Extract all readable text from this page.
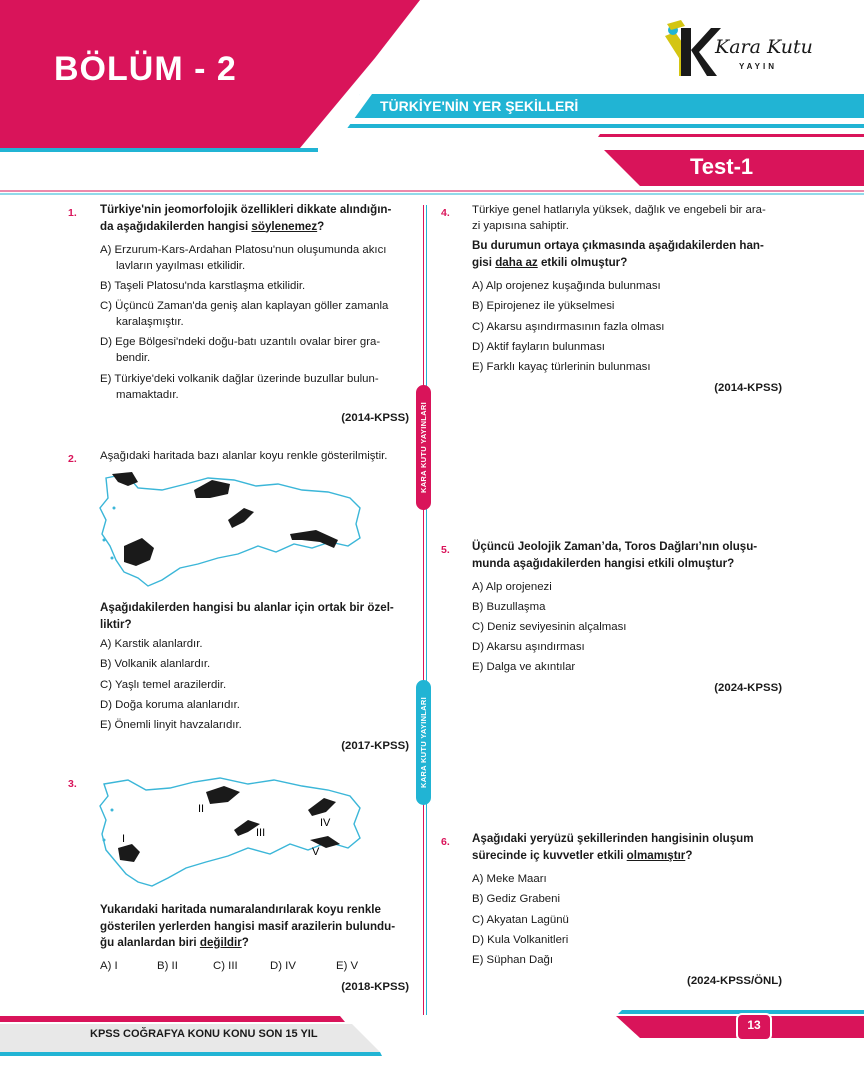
BÖLÜM - 2
TÜRKİYE'NİN YER ŞEKİLLERİ
Test-1
Kara Kutu
YAYIN
KARA KUTU YAYINLARI
KARA KUTU YAYINLARI
1. Türkiye'nin jeomorfolojik özellikleri dikkate alındığın-
da aşağıdakilerden hangisi söylenemez?
A) Erzurum-Kars-Ardahan Platosu'nun oluşumunda akıcı
lavların yayılması etkilidir.
B) Taşeli Platosu'nda karstlaşma etkilidir.
C) Üçüncü Zaman'da geniş alan kaplayan göller zamanla
karalaşmıştır.
D) Ege Bölgesi'ndeki doğu-batı uzantılı ovalar birer gra-
bendir.
E) Türkiye'deki volkanik dağlar üzerinde buzullar bulun-
mamaktadır.
(2014-KPSS)
2. Aşağıdaki haritada bazı alanlar koyu renkle gösterilmiştir.
Aşağıdakilerden hangisi bu alanlar için ortak bir özel-
liktir?
A) Karstik alanlardır.
B) Volkanik alanlardır.
C) Yaşlı temel arazilerdir.
D) Doğa koruma alanlarıdır.
E) Önemli linyit havzalarıdır.
(2017-KPSS)
3.
I
II
III
IV
V
Yukarıdaki haritada numaralandırılarak koyu renkle
gösterilen yerlerden hangisi masif arazilerin bulundu-
ğu alanlardan biri değildir?
A) I	B) II	C) III	D) IV	E) V
(2018-KPSS)
4. Türkiye genel hatlarıyla yüksek, dağlık ve engebeli bir ara-
zi yapısına sahiptir.
Bu durumun ortaya çıkmasında aşağıdakilerden han-
gisi daha az etkili olmuştur?
A) Alp orojenez kuşağında bulunması
B) Epirojenez ile yükselmesi
C) Akarsu aşındırmasının fazla olması
D) Aktif fayların bulunması
E) Farklı kayaç türlerinin bulunması
(2014-KPSS)
5. Üçüncü Jeolojik Zaman’da, Toros Dağları’nın oluşu-
munda aşağıdakilerden hangisi etkili olmuştur?
A) Alp orojenezi
B) Buzullaşma
C) Deniz seviyesinin alçalması
D) Akarsu aşındırması
E) Dalga ve akıntılar
(2024-KPSS)
6. Aşağıdaki yeryüzü şekillerinden hangisinin oluşum
sürecinde iç kuvvetler etkili olmamıştır?
A) Meke Maarı
B) Gediz Grabeni
C) Akyatan Lagünü
D) Kula Volkanitleri
E) Süphan Dağı
(2024-KPSS/ÖNL)
KPSS COĞRAFYA KONU KONU SON 15 YIL
13
